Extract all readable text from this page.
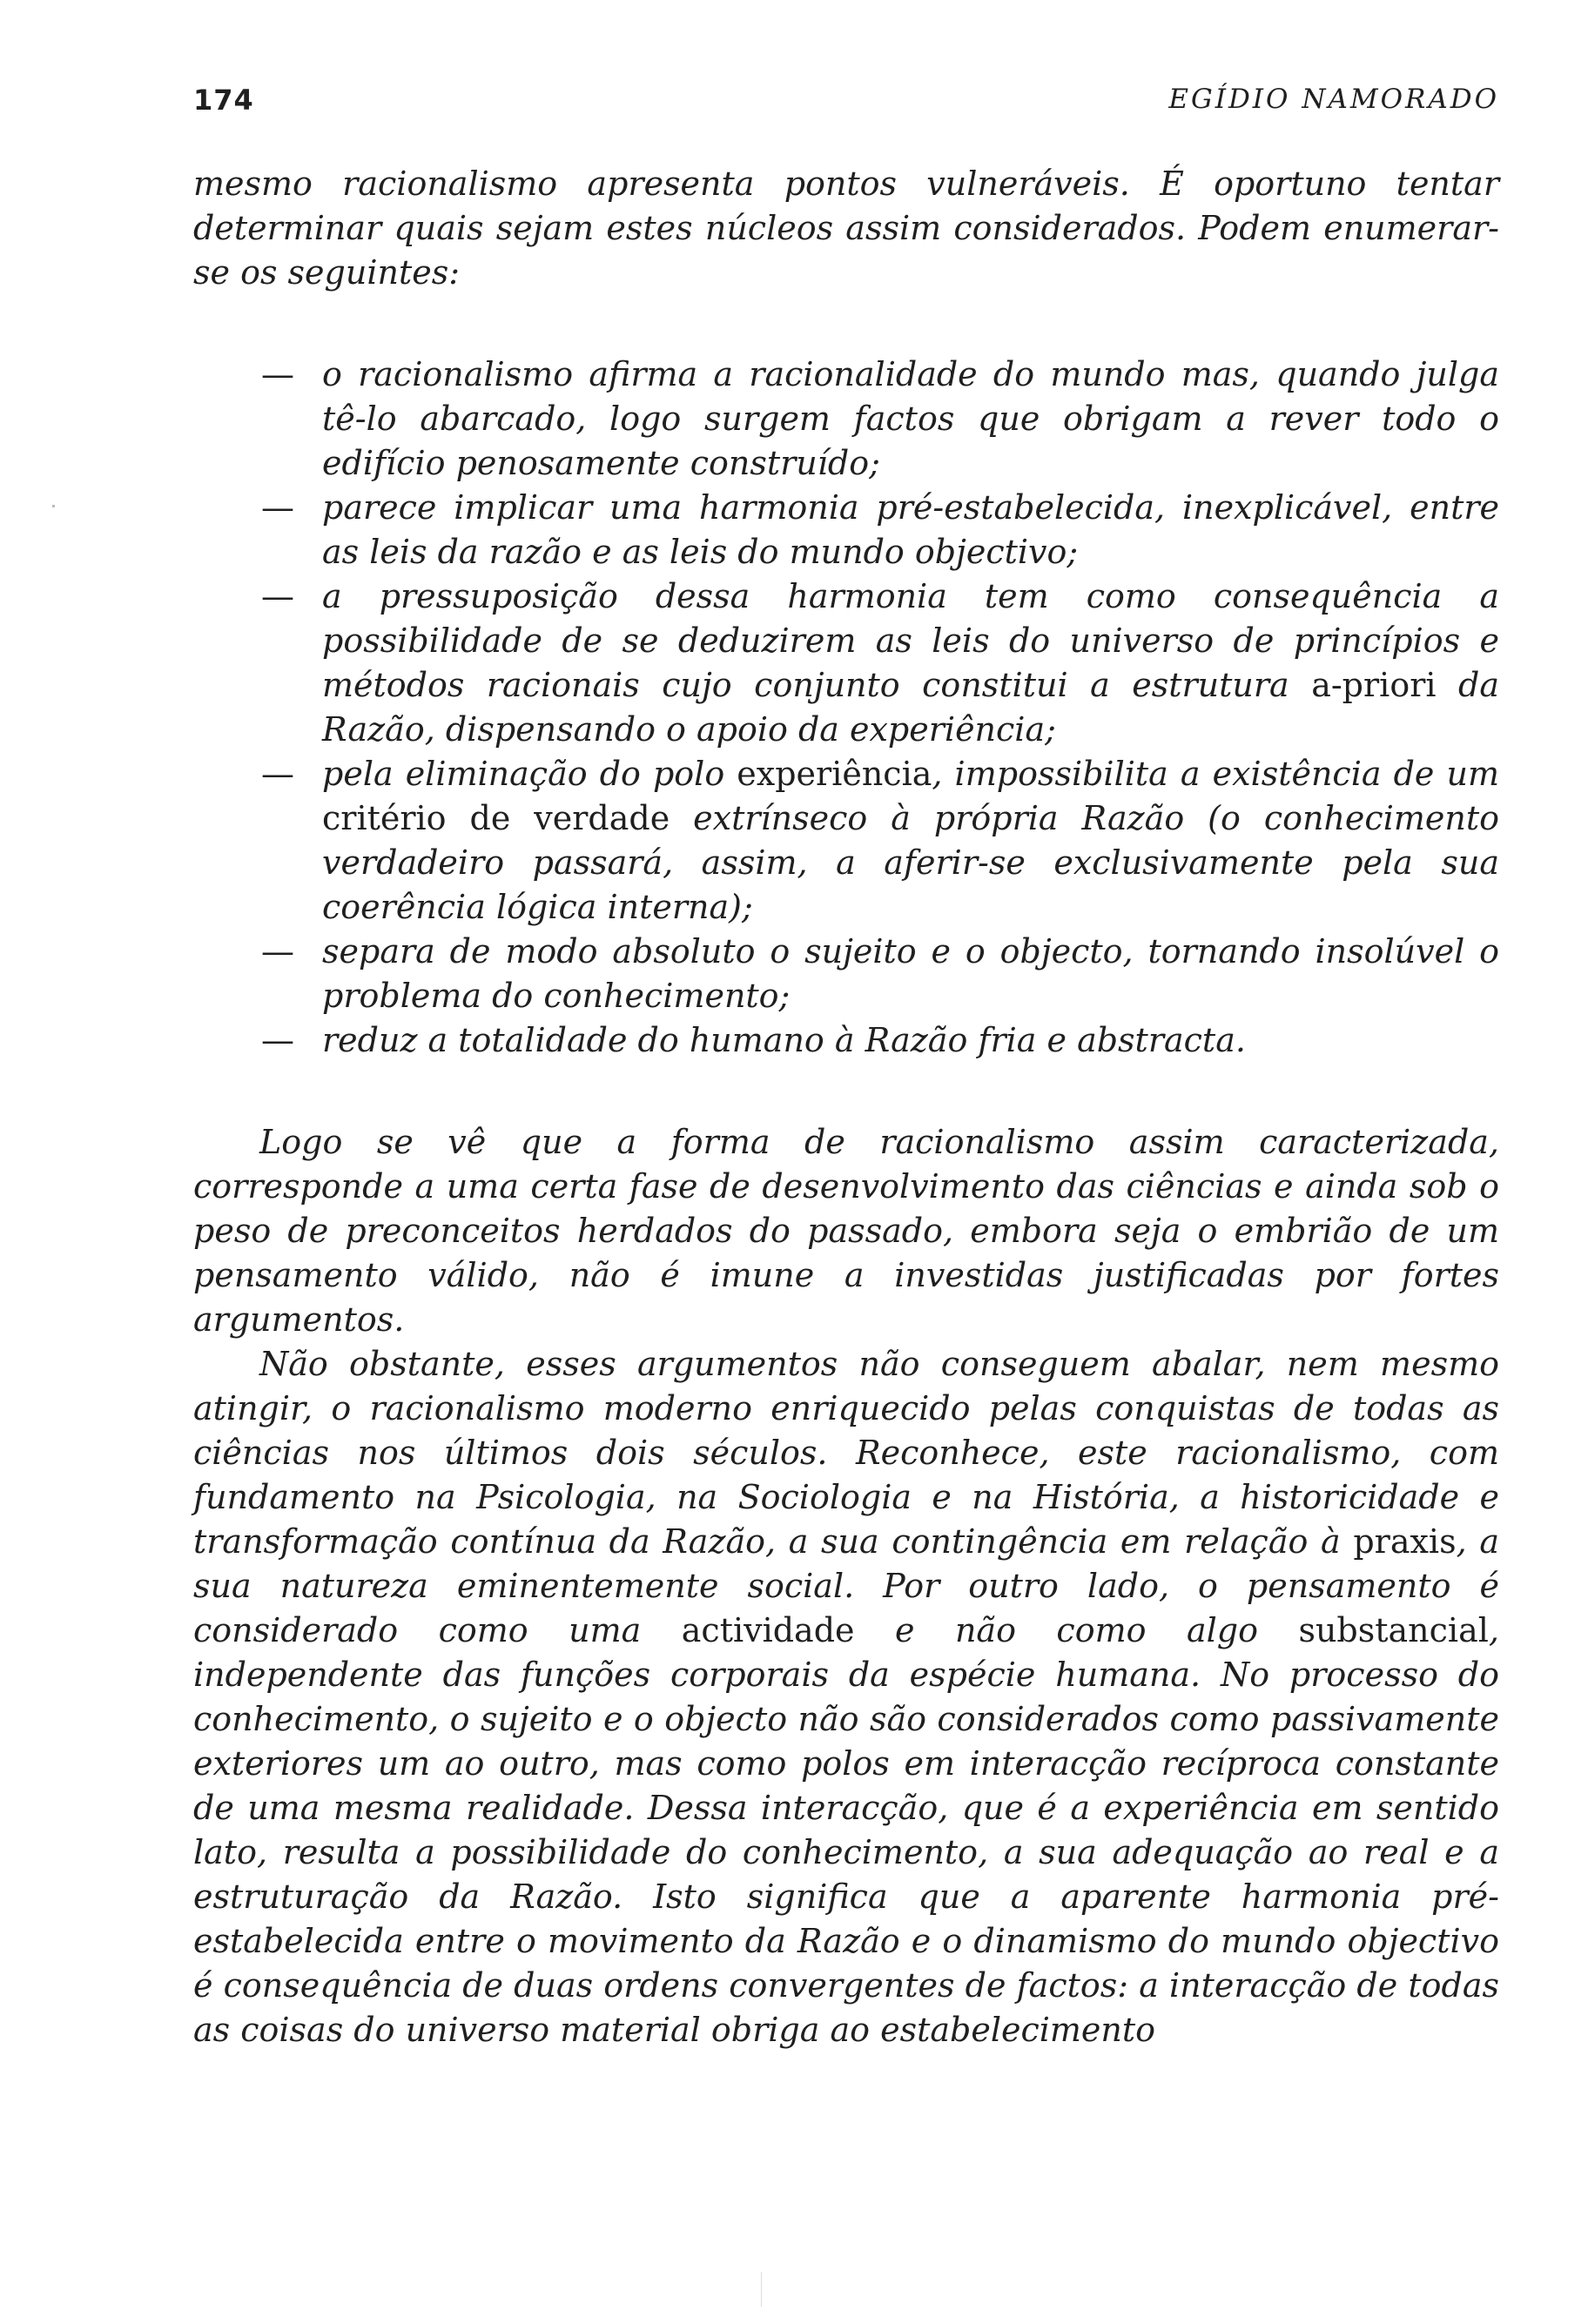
174	EGÍDIO NAMORADO

mesmo racionalismo apresenta pontos vulneráveis. É oportuno tentar determinar quais sejam estes núcleos assim considerados. Podem enumerar-se os seguintes:

— o racionalismo afirma a racionalidade do mundo mas, quando julga tê-lo abarcado, logo surgem factos que obrigam a rever todo o edifício penosamente construído;
— parece implicar uma harmonia pré-estabelecida, inexplicável, entre as leis da razão e as leis do mundo objectivo;
— a pressuposição dessa harmonia tem como consequência a possibilidade de se deduzirem as leis do universo de princípios e métodos racionais cujo conjunto constitui a estrutura a-priori da Razão, dispensando o apoio da experiência;
— pela eliminação do polo experiência, impossibilita a existência de um critério de verdade extrínseco à própria Razão (o conhecimento verdadeiro passará, assim, a aferir-se exclusivamente pela sua coerência lógica interna);
— separa de modo absoluto o sujeito e o objecto, tornando insolúvel o problema do conhecimento;
— reduz a totalidade do humano à Razão fria e abstracta.

Logo se vê que a forma de racionalismo assim caracterizada, corresponde a uma certa fase de desenvolvimento das ciências e ainda sob o peso de preconceitos herdados do passado, embora seja o embrião de um pensamento válido, não é imune a investidas justificadas por fortes argumentos.

Não obstante, esses argumentos não conseguem abalar, nem mesmo atingir, o racionalismo moderno enriquecido pelas conquistas de todas as ciências nos últimos dois séculos. Reconhece, este racionalismo, com fundamento na Psicologia, na Sociologia e na História, a historicidade e transformação contínua da Razão, a sua contingência em relação à praxis, a sua natureza eminentemente social. Por outro lado, o pensamento é considerado como uma actividade e não como algo substancial, independente das funções corporais da espécie humana. No processo do conhecimento, o sujeito e o objecto não são considerados como passivamente exteriores um ao outro, mas como polos em interacção recíproca constante de uma mesma realidade. Dessa interacção, que é a experiência em sentido lato, resulta a possibilidade do conhecimento, a sua adequação ao real e a estruturação da Razão. Isto significa que a aparente harmonia pré-estabelecida entre o movimento da Razão e o dinamismo do mundo objectivo é consequência de duas ordens convergentes de factos: a interacção de todas as coisas do universo material obriga ao estabelecimento
